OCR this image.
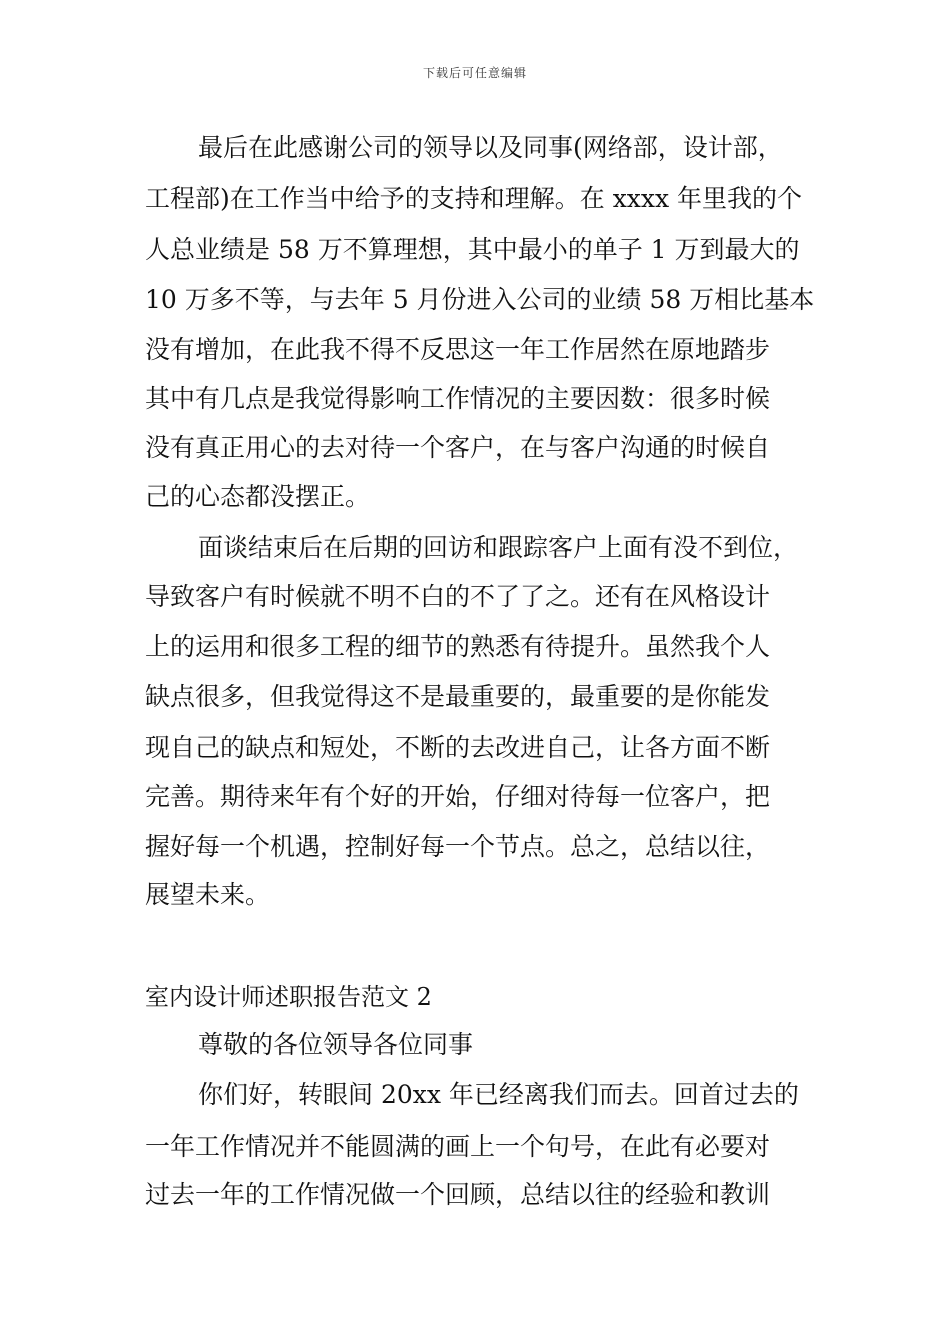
下载后可任意编辑
最后在此感谢公司的领导以及同事(网络部，设计部，
工程部)在工作当中给予的支持和理解。在 xxxx 年里我的个
人总业绩是 58 万不算理想，其中最小的单子 1 万到最大的
10 万多不等，与去年 5 月份进入公司的业绩 58 万相比基本
没有增加，在此我不得不反思这一年工作居然在原地踏步
其中有几点是我觉得影响工作情况的主要因数：很多时候
没有真正用心的去对待一个客户，在与客户沟通的时候自
己的心态都没摆正。
面谈结束后在后期的回访和跟踪客户上面有没不到位，
导致客户有时候就不明不白的不了了之。还有在风格设计
上的运用和很多工程的细节的熟悉有待提升。虽然我个人
缺点很多，但我觉得这不是最重要的，最重要的是你能发
现自己的缺点和短处，不断的去改进自己，让各方面不断
完善。期待来年有个好的开始，仔细对待每一位客户，把
握好每一个机遇，控制好每一个节点。总之，总结以往，
展望未来。
室内设计师述职报告范文 2
尊敬的各位领导各位同事
你们好，转眼间 20xx 年已经离我们而去。回首过去的
一年工作情况并不能圆满的画上一个句号，在此有必要对
过去一年的工作情况做一个回顾，总结以往的经验和教训
